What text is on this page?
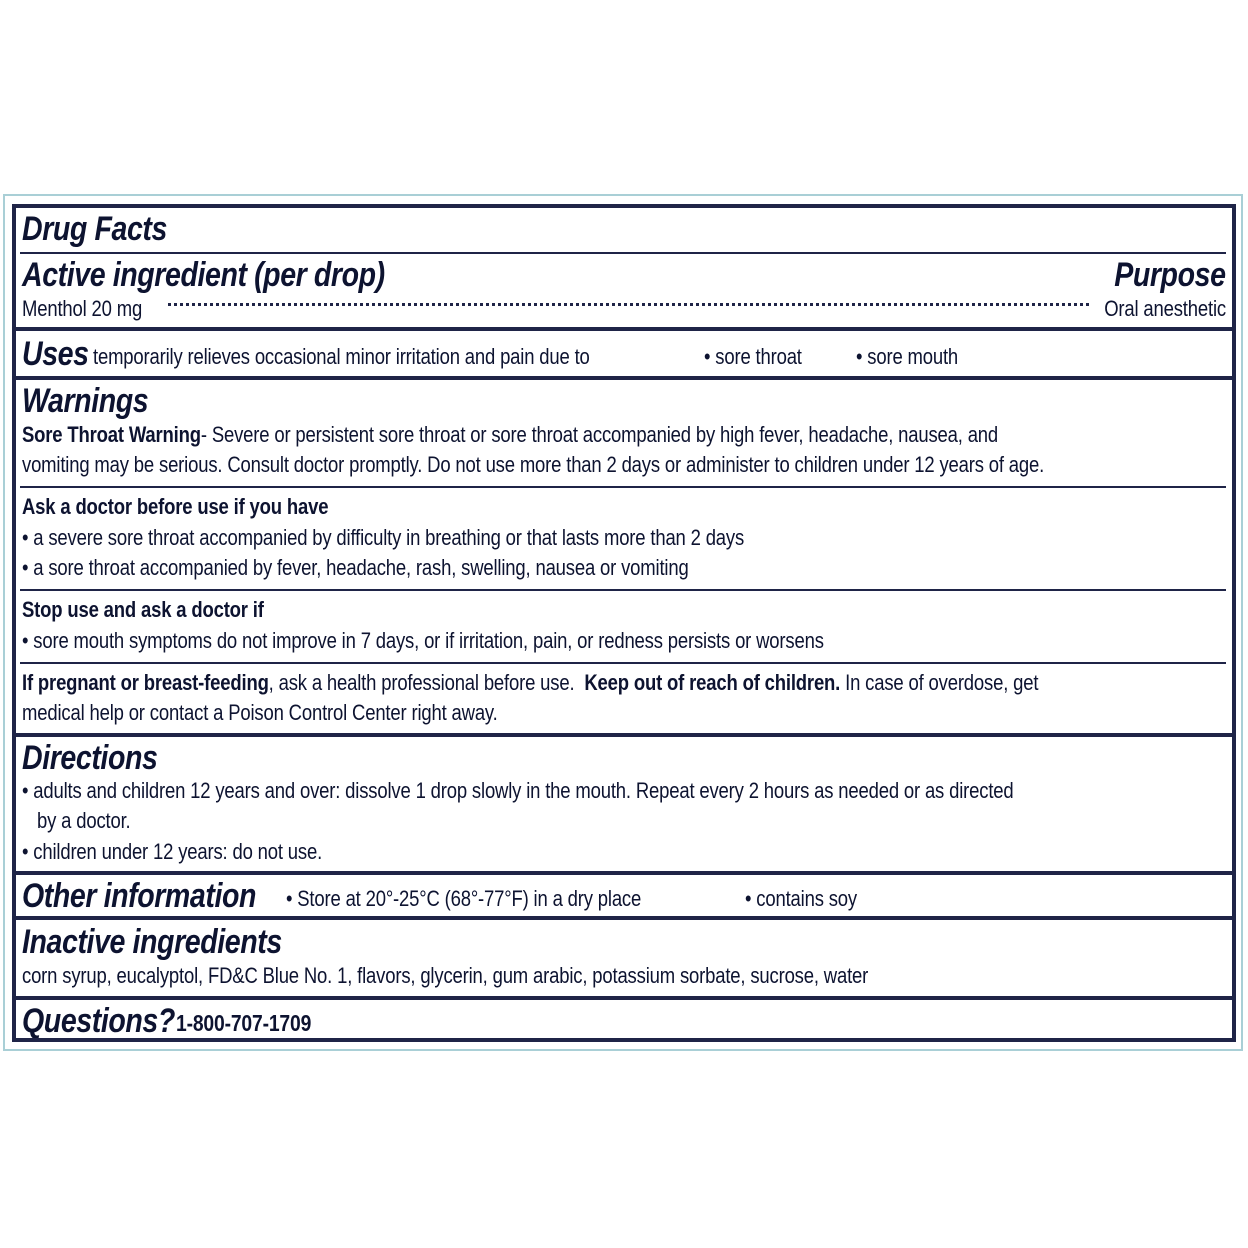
Drug Facts
Active ingredient (per drop)	Purpose
Menthol 20 mg	Oral anesthetic
Uses temporarily relieves occasional minor irritation and pain due to	• sore throat • sore mouth
Warnings
Sore Throat Warning- Severe or persistent sore throat or sore throat accompanied by high fever, headache, nausea, and
vomiting may be serious. Consult doctor promptly. Do not use more than 2 days or administer to children under 12 years of age.
Ask a doctor before use if you have
• a severe sore throat accompanied by difficulty in breathing or that lasts more than 2 days
• a sore throat accompanied by fever, headache, rash, swelling, nausea or vomiting
Stop use and ask a doctor if
• sore mouth symptoms do not improve in 7 days, or if irritation, pain, or redness persists or worsens
If pregnant or breast-feeding, ask a health professional before use. Keep out of reach of children. In case of overdose, get
medical help or contact a Poison Control Center right away.
Directions
• adults and children 12 years and over: dissolve 1 drop slowly in the mouth. Repeat every 2 hours as needed or as directed
by a doctor.
• children under 12 years: do not use.
Other information • Store at 20°-25°C (68°-77°F) in a dry place	• contains soy
Inactive ingredients
corn syrup, eucalyptol, FD&C Blue No. 1, flavors, glycerin, gum arabic, potassium sorbate, sucrose, water
Questions? 1-800-707-1709
